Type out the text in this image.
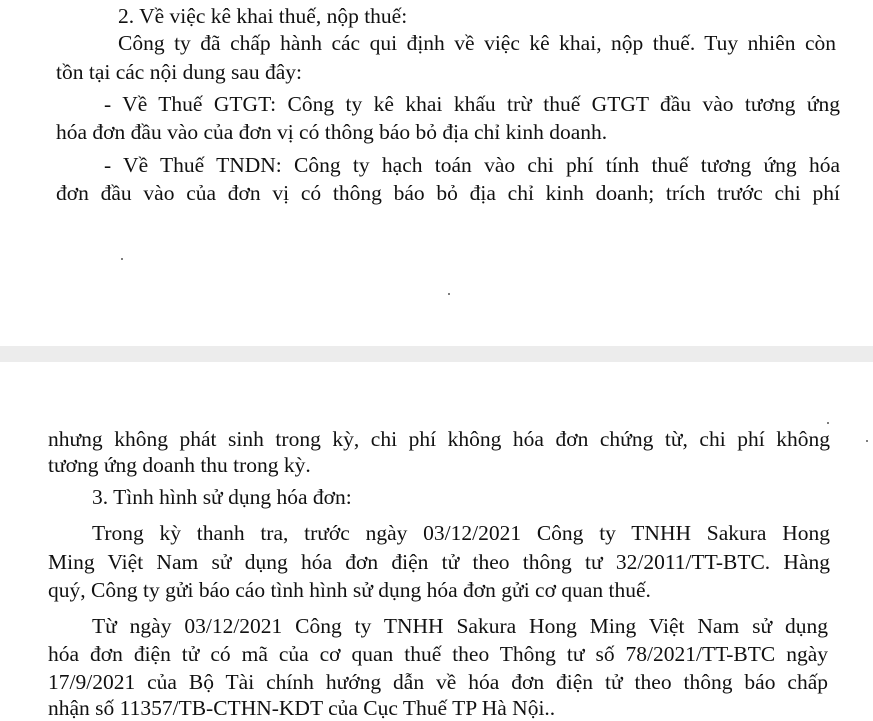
2. Về việc kê khai thuế, nộp thuế:
Công ty đã chấp hành các qui định về việc kê khai, nộp thuế. Tuy nhiên còn
tồn tại các nội dung sau đây:
- Về Thuế GTGT: Công ty kê khai khấu trừ thuế GTGT đầu vào tương ứng
hóa đơn đầu vào của đơn vị có thông báo bỏ địa chỉ kinh doanh.
- Về Thuế TNDN: Công ty hạch toán vào chi phí tính thuế tương ứng hóa
đơn đầu vào của đơn vị có thông báo bỏ địa chỉ kinh doanh; trích trước chi phí
nhưng không phát sinh trong kỳ, chi phí không hóa đơn chứng từ, chi phí không
tương ứng doanh thu trong kỳ.
3. Tình hình sử dụng hóa đơn:
Trong kỳ thanh tra, trước ngày 03/12/2021 Công ty TNHH Sakura Hong
Ming Việt Nam sử dụng hóa đơn điện tử theo thông tư 32/2011/TT-BTC. Hàng
quý, Công ty gửi báo cáo tình hình sử dụng hóa đơn gửi cơ quan thuế.
Từ ngày 03/12/2021 Công ty TNHH Sakura Hong Ming Việt Nam sử dụng
hóa đơn điện tử có mã của cơ quan thuế theo Thông tư số 78/2021/TT-BTC ngày
17/9/2021 của Bộ Tài chính hướng dẫn về hóa đơn điện tử theo thông báo chấp
nhận số 11357/TB-CTHN-KDT của Cục Thuế TP Hà Nội..
